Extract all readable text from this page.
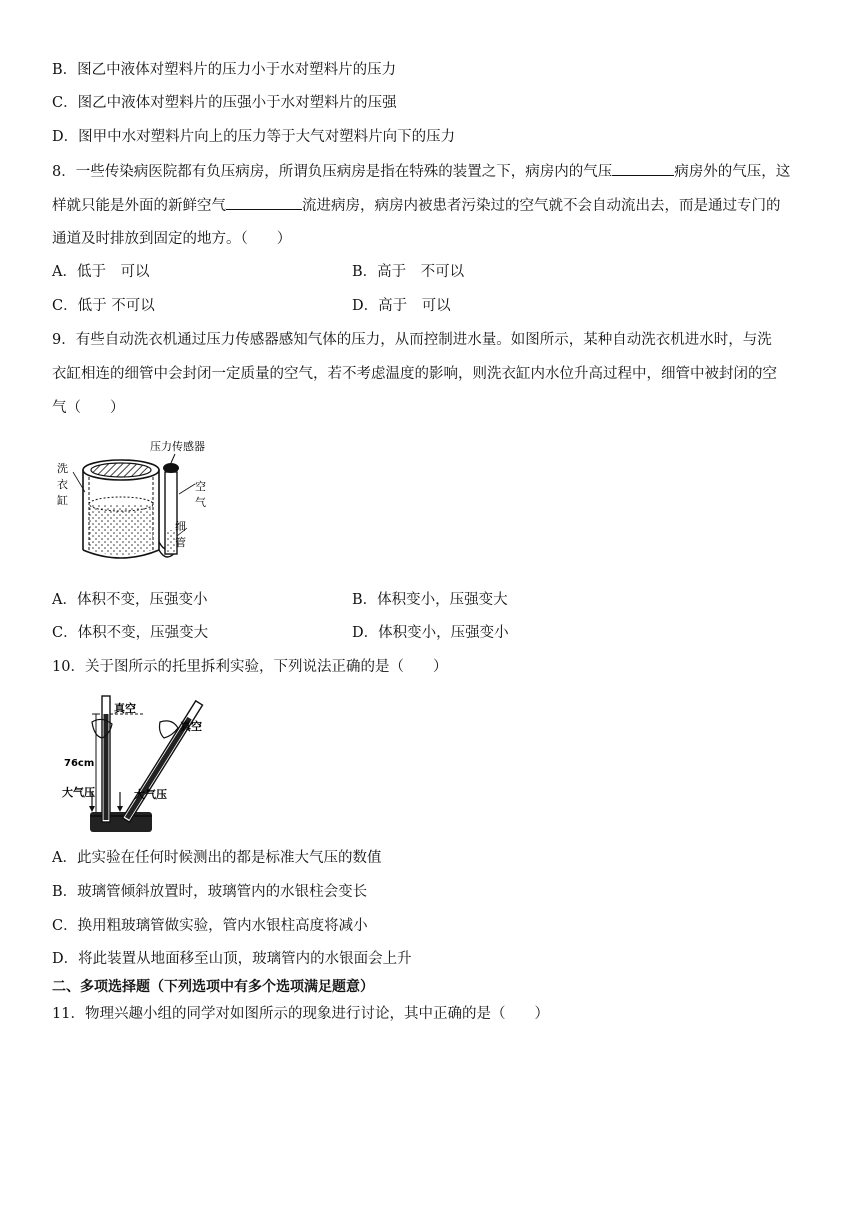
B．图乙中液体对塑料片的压力小于水对塑料片的压力
C．图乙中液体对塑料片的压强小于水对塑料片的压强
D．图甲中水对塑料片向上的压力等于大气对塑料片向下的压力
8．一些传染病医院都有负压病房，所谓负压病房是指在特殊的装置之下，病房内的气压	病房外的气压，这
样就只能是外面的新鲜空气	流进病房，病房内被患者污染过的空气就不会自动流出去，而是通过专门的
通道及时排放到固定的地方。（　　）
A．低于　可以	B．高于　不可以
C．低于 不可以	D．高于　可以
9．有些自动洗衣机通过压力传感器感知气体的压力，从而控制进水量。如图所示，某种自动洗衣机进水时，与洗
衣缸相连的细管中会封闭一定质量的空气，若不考虑温度的影响，则洗衣缸内水位升高过程中，细管中被封闭的空
气（　　）
压力传感器
洗
衣
缸
空
气
细
管
A．体积不变，压强变小	B．体积变小，压强变大
C．体积不变，压强变大	D．体积变小，压强变小
10．关于图所示的托里拆利实验，下列说法正确的是（　　）
真空
真空
76cm
大气压	大气压
A．此实验在任何时候测出的都是标准大气压的数值
B．玻璃管倾斜放置时，玻璃管内的水银柱会变长
C．换用粗玻璃管做实验，管内水银柱高度将减小
D．将此装置从地面移至山顶，玻璃管内的水银面会上升
二、多项选择题（下列选项中有多个选项满足题意）
11．物理兴趣小组的同学对如图所示的现象进行讨论，其中正确的是（　　）
